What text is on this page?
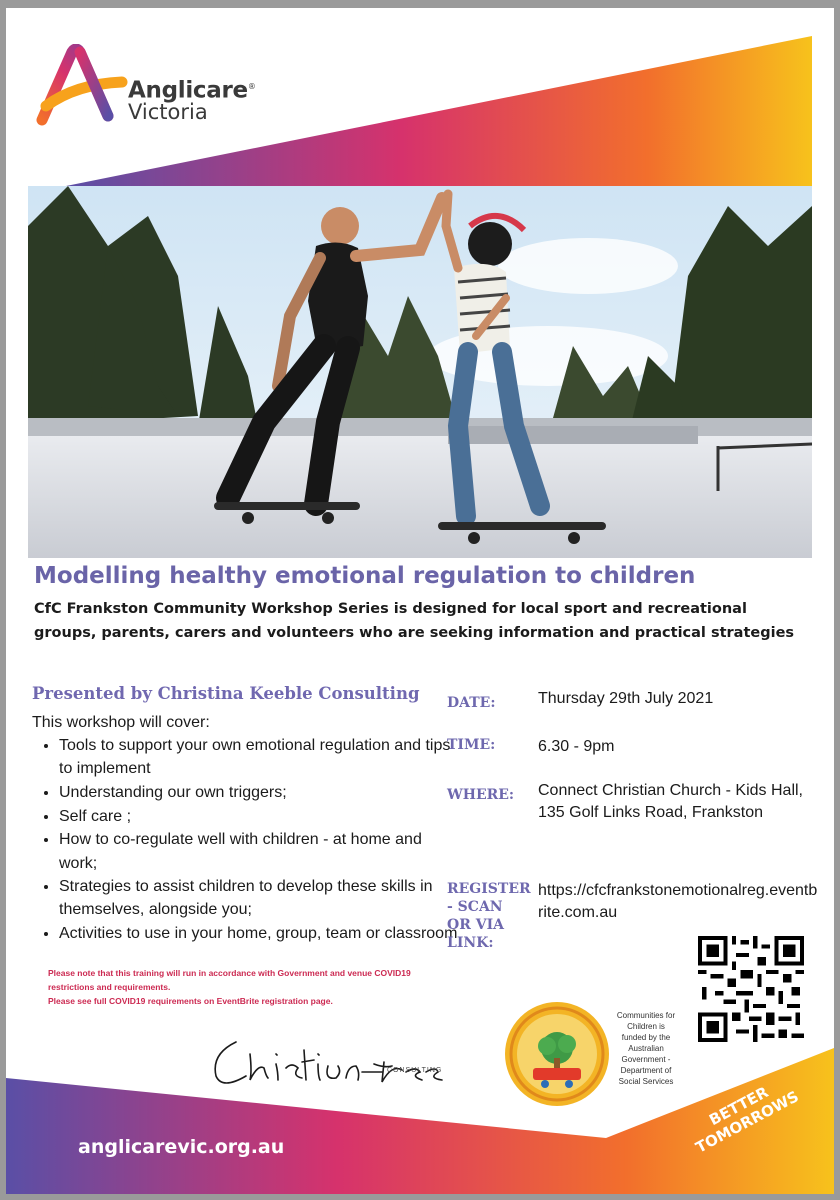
Anglicare®
Victoria
Modelling healthy emotional regulation to children

CfC Frankston Community Workshop Series is designed for local sport and recreational groups, parents, carers and volunteers who are seeking information and practical strategies

Presented by Christina Keeble Consulting
This workshop will cover:
• Tools to support your own emotional regulation and tips to implement
• Understanding our own triggers;
• Self care ;
• How to co-regulate well with children - at home and work;
• Strategies to assist children to develop these skills in themselves, alongside you;
• Activities to use in your home, group, team or classroom
DATE:	Thursday 29th July 2021
TIME:	6.30 - 9pm
WHERE: Connect Christian Church - Kids Hall, 135 Golf Links Road, Frankston
REGISTER - SCAN OR VIA LINK:
https://cfcfrankstonemotionalreg.eventbrite.com.au

Please note that this training will run in accordance with Government and venue COVID19 restrictions and requirements.

Please see full COVID19 requirements on EventBrite registration page.

CONSULTING
Communities for Children is funded by the Australian Government - Department of Social Services
anglicarevic.org.au
BETTER TOMORROWS
